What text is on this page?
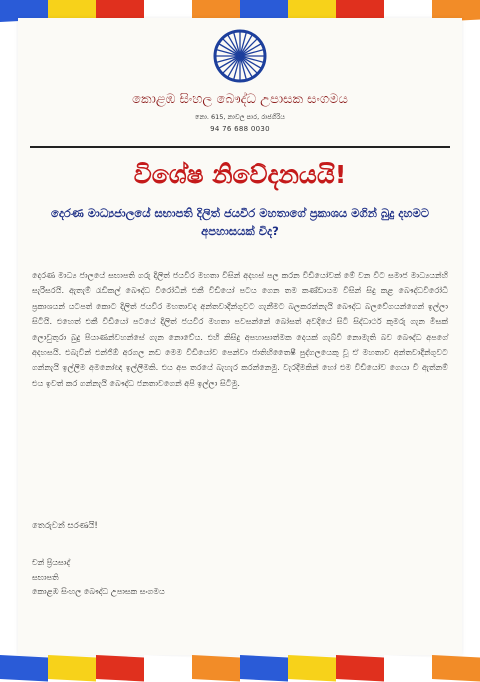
කොළඹ සිංහල බෞද්ධ උපාසක සංගමය
නො. 615, නාවල පාර, රාජගිරිය
94 76 688 0030
විශේෂ නිවේදනයයි!
දෙරණ මාධ්‍යජාලයේ සභාපති දිලිත් ජයවීර මහතාගේ ප්‍රකාශය මගින් බුදු දහමට අපහාසයක් විද?
දෙරණ මාධ්‍ය ජාලයේ සභාපති ගරු දිලිත් ජයවීර මහතා විසින් අදහස් පල කරන විඩියෝවක් මේ වන විට සමාජ මාධ්‍යයන්හි සැරිසරයි. ඇතැම් රැඩිකල් බෞද්ධ විරෝධීන් එකී විඩියෝ පටය ගෙන තම කණ්ඩායම විසින් සිදු කළ බෞද්ධවිරෝධී ප්‍රකාශයන් යටපත් කොට දිලිත් ජයවීර මහතාවද අන්තවාදීන්ගුවට ගැනීමට බලකරන්නැයි බෞද්ධ බලවේගයන්ගෙන් ඉල්ලා සිටියි. එහෙත් එකී විඩියෝ පටයේ දිලිත් ජයවීර මහතා පවසන්නේ බෝසත් අවදියේ සිටි සිද්ධාර්ථ කුමරු ගැන මිසක් ලොවුතුරා බුදු පියාණන්වහන්සේ ගැන නොවේය. එහි කිසිදු අපහාසාත්මක දෙයක් ගැබ්වී නොමැති බව බෞද්ධ අපගේ අදහසයි. එබැවින් එන්ජිඕ අරගල නඩ මෙම විඩියෝව පෙන්වා ජාතිහිතෛෂී පුද්ගලයෙකු වූ ඒ මහතාව අන්තවාදීන්ගුවට ගන්නැයි ඉල්ලීම අමනෝඥ ඉල්ලීමකි. එය අප තරයේ බැහැර කරන්නෙමු. වැරදීමකින් හෝ එම විඩියෝව ගෙයා වී ඇත්නම් එය ඉවත් කර ගන්නැයි බෞද්ධ ජනතාවගෙන් අපි ඉල්ලා සිටිමු.
තෙරුවන් සරණයි!
චන් ප්‍රියසාද්
සභාපති
කොළඹ සිංහල බෞද්ධ උපාසක සංගමය
